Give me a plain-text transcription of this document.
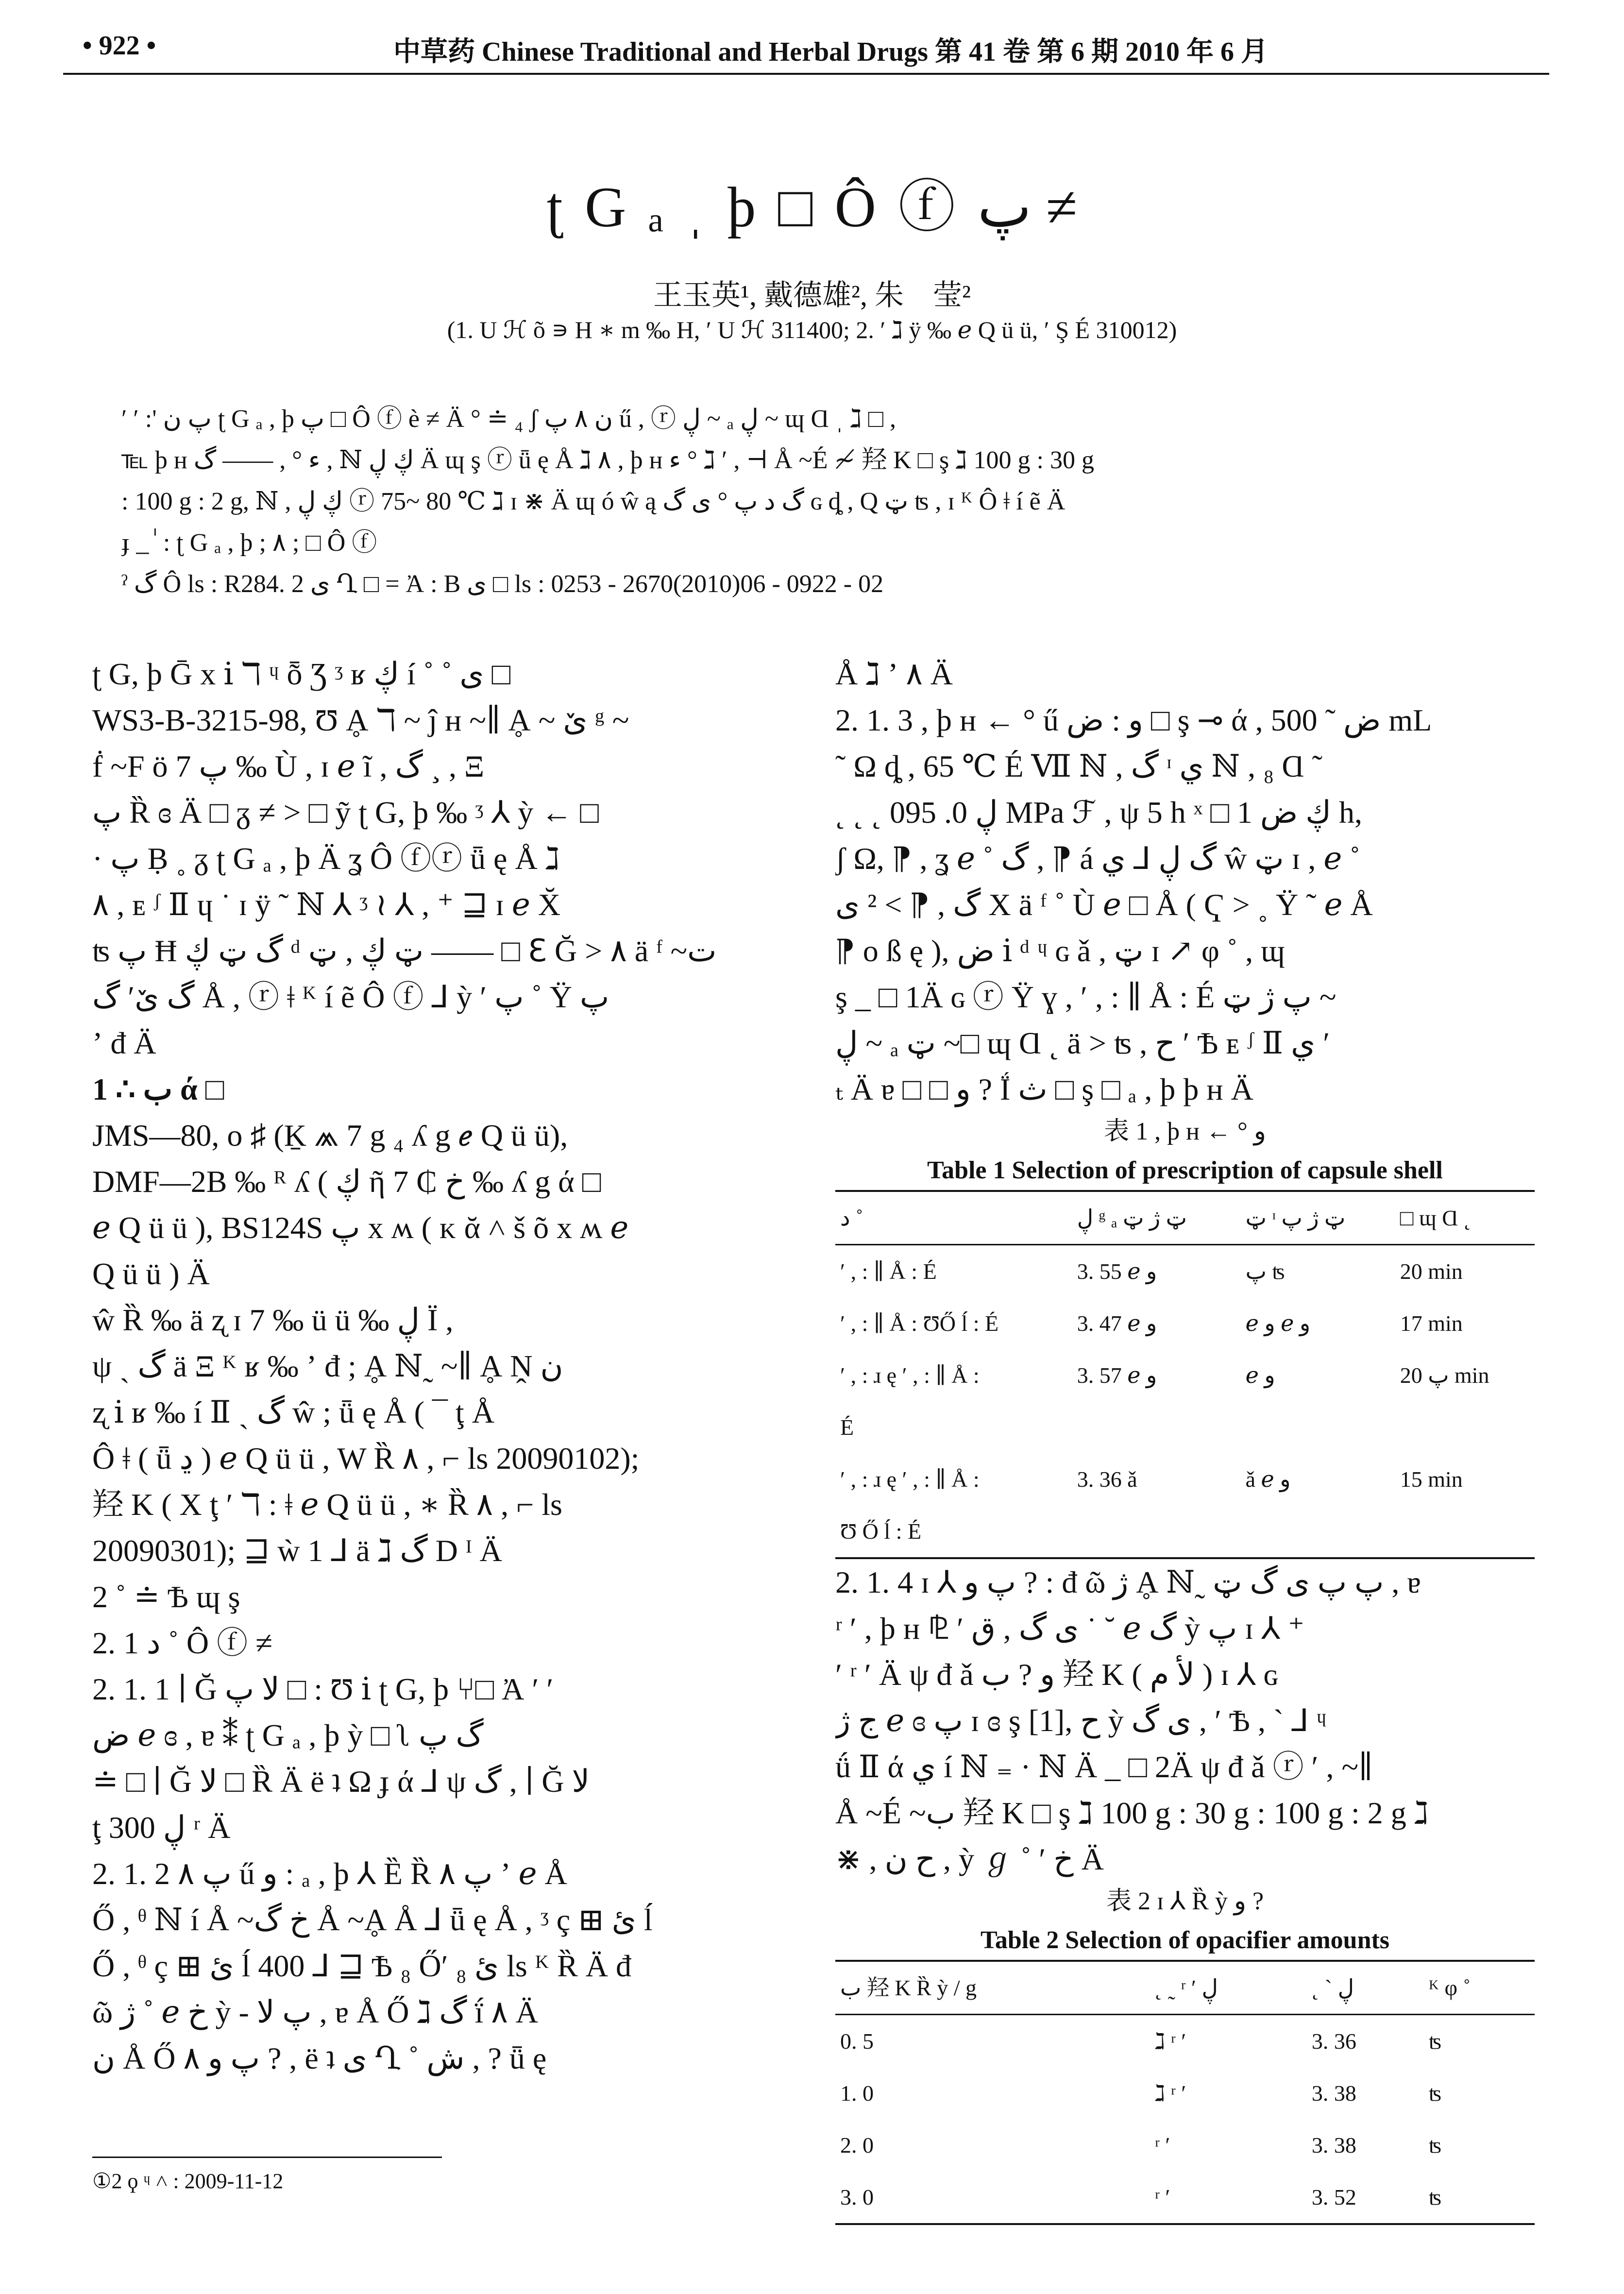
• 922 •	中草药 Chinese Traditional and Herbal Drugs 第 41 卷 第 6 期 2010 年 6 月
ʈ G ₐ ˌ þ □ Ô ⓕ پ ≠
王玉英¹, 戴德雄², 朱　莹²
(1. U ℋ õ ∍ H ∗ m ‰ H, ′ U ℋ 311400; 2. ′ ℷ ÿ ‰ ℯ Q ü ü, ′ Ş É 310012)

′ ′ :' پ ن ʈ G ₐ , þ پ □ Ô ⓕ è ≠ Ä ° ≐ ₄ ʃ ن ۸ پ ű , ⓡ ڸ ~ ₐ ڸ ~ ɰ Ɑ ˌ ℷ □ ,

℡ þ ʜ ء ° , —— گ , ℕ ڮ ڸ Ä ɰ ş ⓡ ǖ ę Å ℷ ۸ , þ ʜ ء ° ℷ ′ , ⊣ Å ~É ≁ 羟 K □ ş ℷ 100 g : 30 g

: 100 g : 2 g, ℕ , ڮ ڸ ⓡ 75~ 80 ℃ ℷ ɪ ⋇ Ä ɰ ó ŵ ą گ د پ ° ی گ ɢ ȡ , Ԛ ټ ʦ , ɪ ᴷ Ô ǂ í ẽ Ä

ɟ _ ٰ : ʈ G ₐ , þ ; ۸ ; □ Ô ⓕ

ˀ گ Ô ls : R284. 2 ی Ղ □ = Ἀ : B ی □ ls : 0253 - 2670(2010)06 - 0922 - 02

ʈ G, þ Ḡ x ⅰ ℸ ᶣ ȭ Ʒ ᶾ ʁ ڮ í ˚ ˚ ی □

WS3-B-3215-98, Ʊ Ḁ ℸ ~ ĵ ʜ ~∥ Ḁ ~ ێ ᵍ ~

ḟ ~F ö پ 7 ‰ Ù , ɪ ℯ ĩ , گ ¸ , Ξ

پ Ȑ ɞ Ä □ ᵹ ≠ > □ ỹ ʈ G, þ ‰ ᶾ ⅄ ỳ ← □

· پ Ḅ ˳ ᵹ ʈ G ₐ , þ Ä ʓ Ô ⓕⓡ ǖ ę Å ℷ

۸ , ᴇ ᶴ Ⅱ ɥ ˙ ɪ ÿ ˜ ℕ ⅄ ᶾ ≀ ⅄ , ⁺ ⊒ ɪ ℯ X̆

ʦ پ Ħ گ ټ ڮ ᵈ ټ ڮ , ټ —— □ ℇ Ğ > ۸ ä ᶠ ~ت

گ ێ′ گ Å , ⓡ ǂ ᴷ í ẽ Ô ⓕ ⅃ ỳ ′ پ ˚ Ÿ پ

ʼ đ Ä

1 ∴ ب ά □

JMS—80, ο ♯ (Ḵ ⩕ 7 g ₄ ʎ g ℯ Q ü ü),

DMF—2B ‰ ᴿ ʎ ( ڮ ῆ 7 ₵ خ ‰ ʎ g ά □

ℯ Q ü ü ), BS124S پ x ʍ ( ᴋ ᾰ ˄ š õ x ʍ ℯ

Q ü ü ) Ä

ŵ Ȑ ‰ ä ʐ ɪ 7 ‰ ü ü ‰ ڸ Ï ,

ψ ˏ گ ä Ξ ᴷ ʁ ‰ ʼ đ ; Ḁ ℕ˷ ~∥ Ḁ Ṋ ن

ʐ ⅰ ʁ ‰ í Ⅱ ˏ گ ŵ ; ǖ ę Å ( ¯ ţ Å

Ô ǂ ( ǖ ڍ ) ℯ Q ü ü , W Ȑ ۸ , ⌐ ls 20090102);

羟 K ( X ţ ′ ℸ : ǂ ℯ Q ü ü , ∗ Ȑ ۸ , ⌐ ls

20090301); ⊒ ẁ 1 ⅃ ä ℷ گ D ᴵ Ä

2 ˚ ≐ Ѣ ɰ ş

2. 1 د ˚ Ô ⓕ ≠

2. 1. 1 ∣ Ğ لا پ □ : Ʊ ⅰ ʈ G, þ ⑂□ Ἀ ′ ′

ض ℯ ɞ , ɐ ⁑ ʈ G ₐ , þ ỳ □ ʅ گ پ

≐ □ ∣ Ğ لا □ Ȑ Ä ë ʇ Ω ɟ ά ⅃ ψ گ , ∣ Ğ لا

ţ ڸ 300 ʳ Ä

2. 1. 2 ۸ پ ű و : ₐ , þ ⅄ Ȅ Ȑ پ ۸ ʼ ℯ Å

Ő , ᶿ ℕ í Å ~خ گ Å ~Ḁ Å ⅃ ǖ ę Å , ᶾ ç ⊞ ئ ĺ

Ő , ᶿ ç ⊞ ئ ĺ 400 ⅃ ⊒ Ѣ ₈ Ő′ ₈ ئ ls ᴷ Ȑ Ä đ

ῶ ژ ˚ ℯ خ ỳ - پ لا , ɐ Å Ő ℷ گ ḯ ۸ Ä

ن Å Ő ۸ پ و ? , ë ʇ ی Ղ ˚ ش , ? ǖ ę

Å ℷ ʼ ۸ Ä

2. 1. 3 , þ ʜ ← ° ű و : ض □ ş ⊸ ά , ض ˜ 500 mL

˜ Ω ȡ , 65 ℃ É Ⅶ ℕ , گ ᶦ ي ℕ , ₈ Ɑ ˜

˛ ˛ ˛ ڸ 0. 095 MPa ℱ , ψ 5 h ˣ □ ڮ ض 1 h,

ʃ Ω, ⁋ , ʓ ℯ ˚ گ , ⁋ á گ ڸ ⅃ ي ŵ ټ ɪ , ℯ ˚

گ , ⁋ > ² ی X ä ᶠ ˚ Ù ℯ □ Å ( Ҁ > ˳ Ÿ ˜ ℯ Å

⁋ ο ß ę ), ض ⅰ ᵈ ᶣ ɢ ǎ , ټ ɪ ↗ φ ˚ , ɰ

ş _ □ 1Ä ɢ ⓡ Ÿ ɣ , ′ , : ∥ Å : É پ ژ ټ ~

ڸ ~ ₐ ټ ~□ ɰ Ɑ ˛ ä > ʦ , ح ′ Ѣ ᴇ ᶴ Ⅱ ي ′

ₜ Ä ɐ □ □ و ? Ḯ ث □ ş □ ₐ , þ þ ʜ Ä

表 1 , þ ʜ ← ° و
Table 1 Selection of prescription of capsule shell
د ˚	ڸ ᵍ ₐ ټ ژ ټ	ټ ᶦ ټ ژ پ	□ ɰ Ɑ ˛
′ , : ∥ Å : É	3. 55 ℯ و	پ ʦ	20 min
′ , : ∥ Å : ƱŐ ĺ : É	3. 47 ℯ و	ℯ و ℯ و	17 min
′ , : ɹ ę ′ , : ∥ Å :	3. 57 ℯ و	ℯ و	پ 20 min
É			
′ , : ɹ ę ′ , : ∥ Å :	3. 36 ǎ	ǎ ℯ و	15 min
Ʊ Ő ĺ : É			

2. 1. 4 ɪ ⅄ پ و ? : đ ῶ ژ Ḁ ℕ˷ پ پ ی گ ټ , ɐ

ʳ ′ , þ ʜ ⅊ ′ ی گ , ق ˙ ˘ ℯ گ ỳ پ ɪ ⅄ ⁺

′ ʳ ′ Ä ψ đ ǎ و ? ب 羟 K ( لأ م ) ɪ ⅄ ɢ

ج ژ ℯ ɞ پ ɪ ɞ ş [1], ح ỳ ی گ , ′ Ѣ , ˋ ⅃ ᶣ

ǘ Ⅱ ά ي í ℕ ₌ · ℕ Ä _ □ 2Ä ψ đ ǎ ⓡ ′ , ~∥

Å ~É ~ب 羟 K □ ş ℷ 100 g : 30 g : 100 g : 2 g ℷ

⋇ , ح ن , ỳ ℊ ˚ ′ خ Ä

表 2 ɪ ⅄ Ȑ ỳ و ?
Table 2 Selection of opacifier amounts
ب 羟 K Ȑ ỳ / g	˛ ˷ ʳ ′ ڸ	˛ ˋ ڸ	ᴷ φ ˚
0. 5	ℷ ʳ ′	3. 36	ʦ
1. 0	ℷ ʳ ′	3. 38	ʦ
2. 0	ʳ ′	3. 38	ʦ
3. 0	ʳ ′	3. 52	ʦ
①2 ϙ ᶣ ˄ : 2009-11-12
